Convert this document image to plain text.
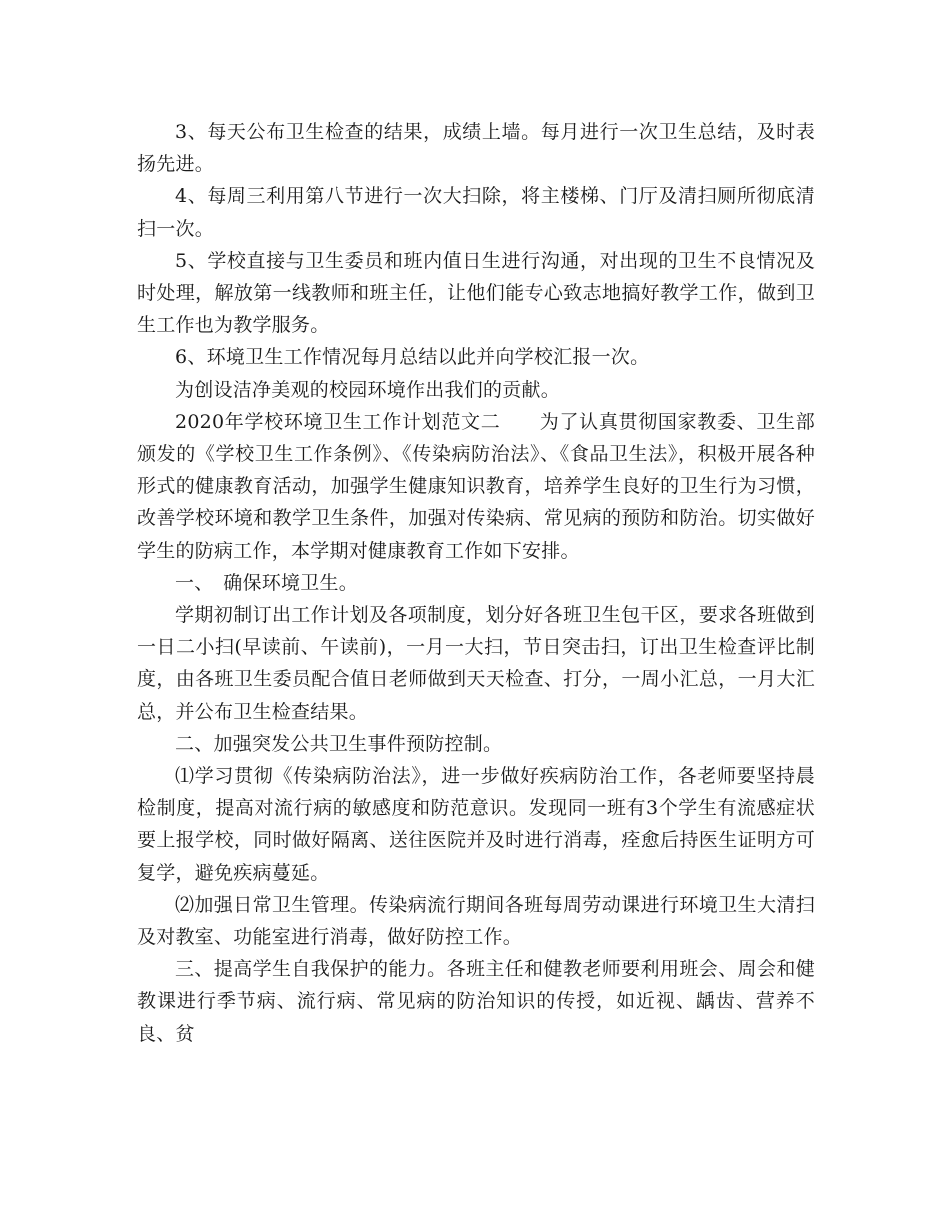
3、每天公布卫生检查的结果，成绩上墙。每月进行一次卫生总结，及时表扬先进。

4、每周三利用第八节进行一次大扫除，将主楼梯、门厅及清扫厕所彻底清扫一次。

5、学校直接与卫生委员和班内值日生进行沟通，对出现的卫生不良情况及时处理，解放第一线教师和班主任，让他们能专心致志地搞好教学工作，做到卫生工作也为教学服务。

6、环境卫生工作情况每月总结以此并向学校汇报一次。

为创设洁净美观的校园环境作出我们的贡献。

2020年学校环境卫生工作计划范文二　　为了认真贯彻国家教委、卫生部颁发的《学校卫生工作条例》、《传染病防治法》、《食品卫生法》，积极开展各种形式的健康教育活动，加强学生健康知识教育，培养学生良好的卫生行为习惯，改善学校环境和教学卫生条件，加强对传染病、常见病的预防和防治。切实做好学生的防病工作，本学期对健康教育工作如下安排。

一、　确保环境卫生。

学期初制订出工作计划及各项制度，划分好各班卫生包干区，要求各班做到一日二小扫(早读前、午读前)，一月一大扫，节日突击扫，订出卫生检查评比制度，由各班卫生委员配合值日老师做到天天检查、打分，一周小汇总，一月大汇总，并公布卫生检查结果。

二、加强突发公共卫生事件预防控制。

⑴学习贯彻《传染病防治法》，进一步做好疾病防治工作，各老师要坚持晨检制度，提高对流行病的敏感度和防范意识。发现同一班有3个学生有流感症状要上报学校，同时做好隔离、送往医院并及时进行消毒，痊愈后持医生证明方可复学，避免疾病蔓延。

⑵加强日常卫生管理。传染病流行期间各班每周劳动课进行环境卫生大清扫及对教室、功能室进行消毒，做好防控工作。

三、提高学生自我保护的能力。各班主任和健教老师要利用班会、周会和健教课进行季节病、流行病、常见病的防治知识的传授，如近视、龋齿、营养不良、贫
